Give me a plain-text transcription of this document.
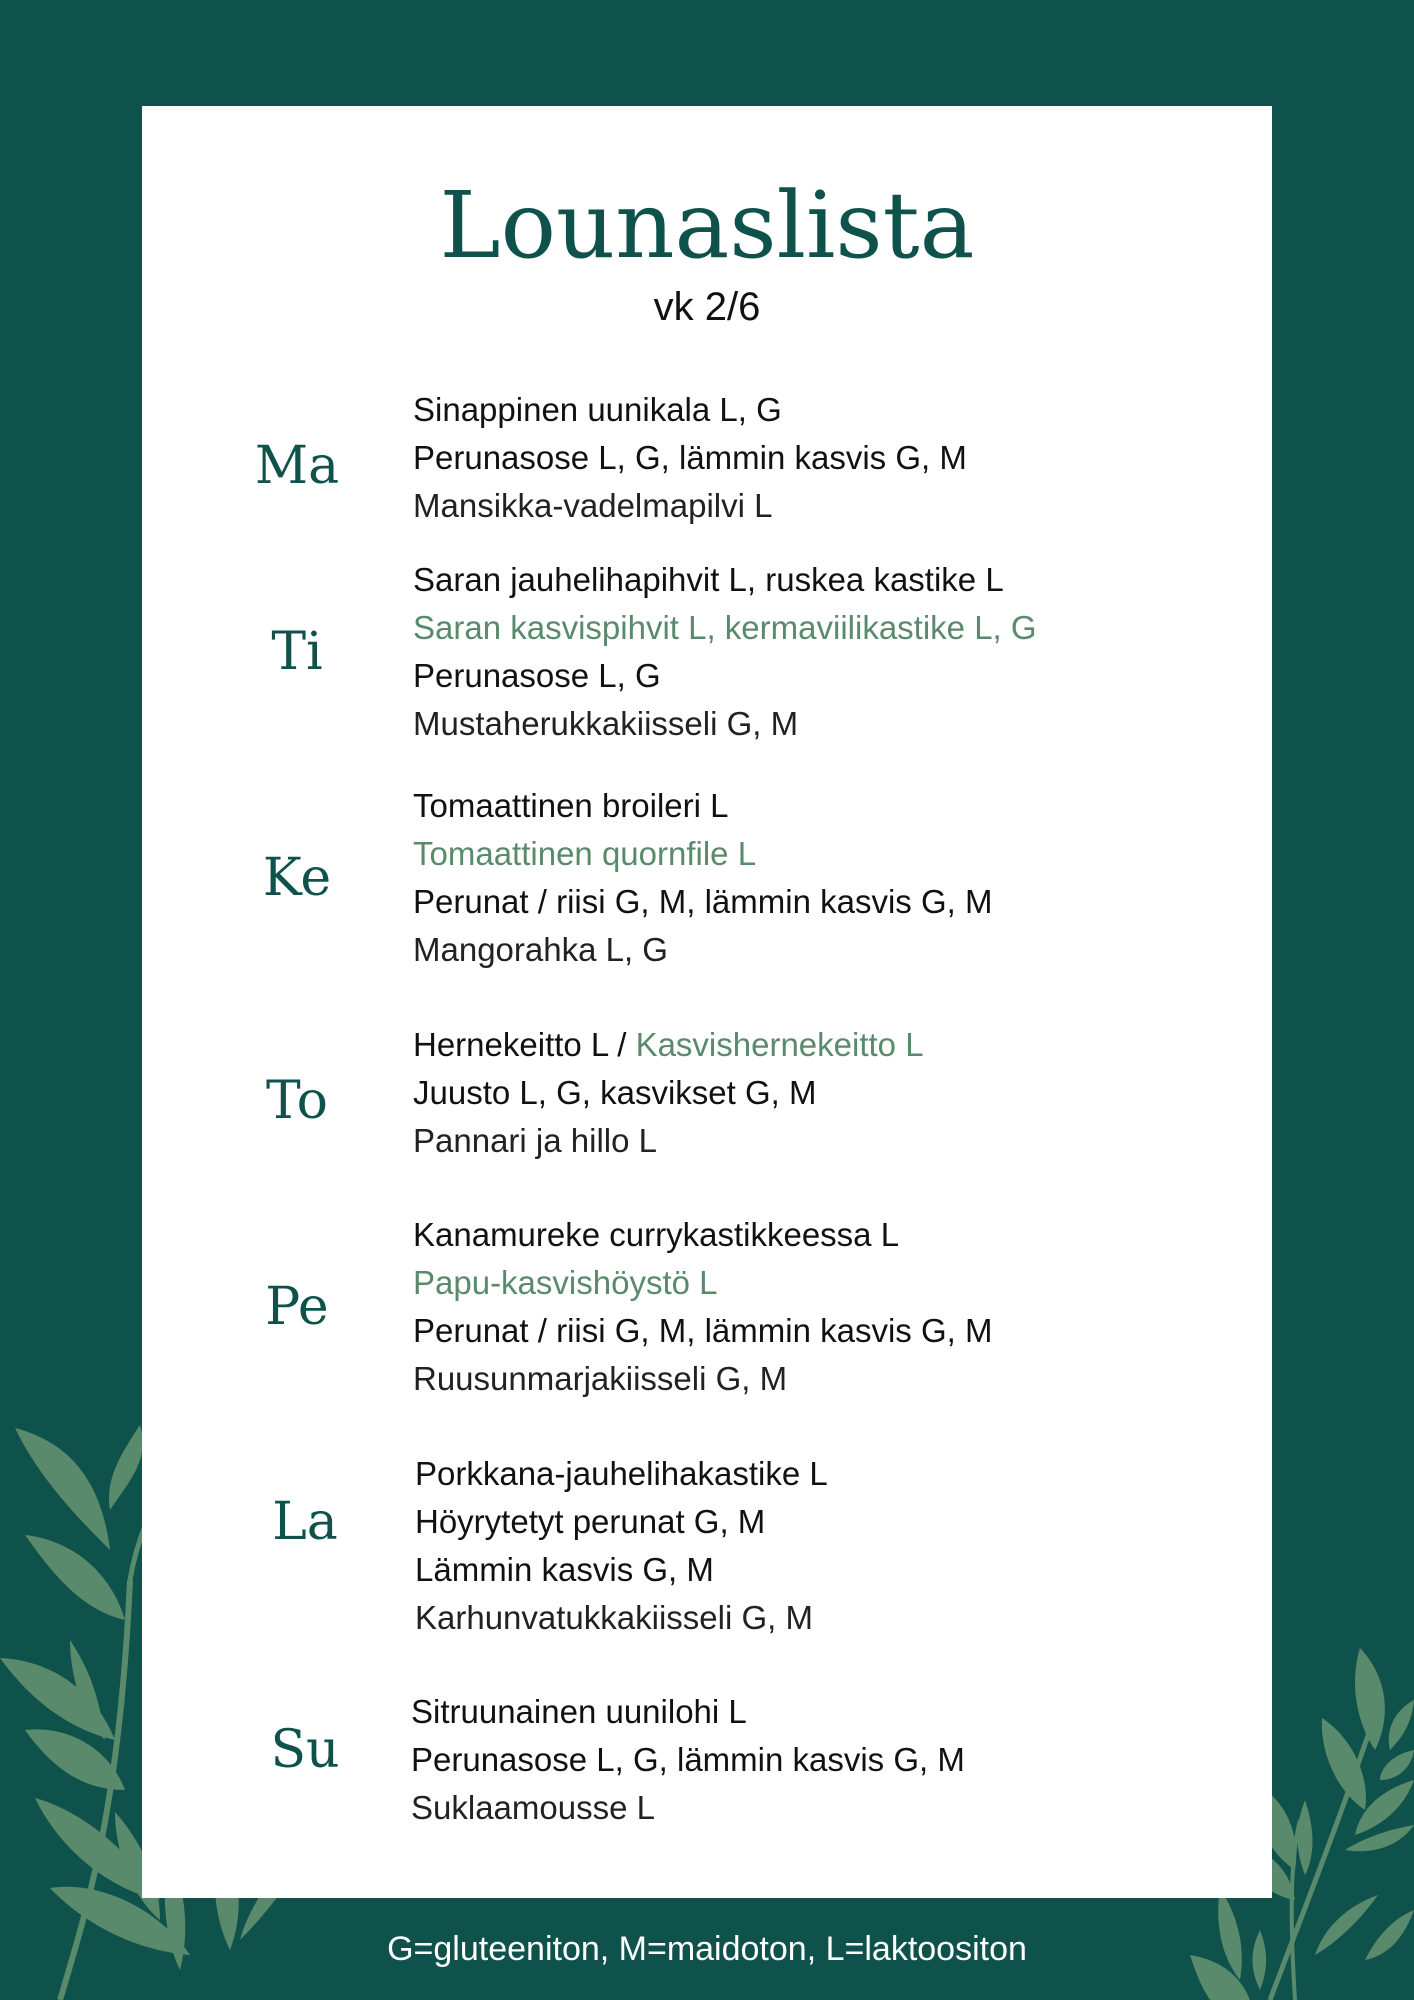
Lounaslista
vk 2/6
Ma
Sinappinen uunikala L, G
Perunasose L, G, lämmin kasvis G, M
Mansikka-vadelmapilvi L
Ti
Saran jauhelihapihvit L, ruskea kastike L
Saran kasvispihvit L, kermaviilikastike L, G
Perunasose L, G
Mustaherukkakiisseli G, M
Ke
Tomaattinen broileri L
Tomaattinen quornfile L
Perunat / riisi G, M, lämmin kasvis G, M
Mangorahka L, G
To
Hernekeitto L / Kasvishernekeitto L
Juusto L, G, kasvikset G, M
Pannari ja hillo L
Pe
Kanamureke currykastikkeessa L
Papu-kasvishöystö L
Perunat / riisi G, M, lämmin kasvis G, M
Ruusunmarjakiisseli G, M
La
Porkkana-jauhelihakastike L
Höyrytetyt perunat G, M
Lämmin kasvis G, M
Karhunvatukkakiisseli G, M
Su
Sitruunainen uunilohi L
Perunasose L, G, lämmin kasvis G, M
Suklaamousse L
G=gluteeniton, M=maidoton, L=laktoositon
